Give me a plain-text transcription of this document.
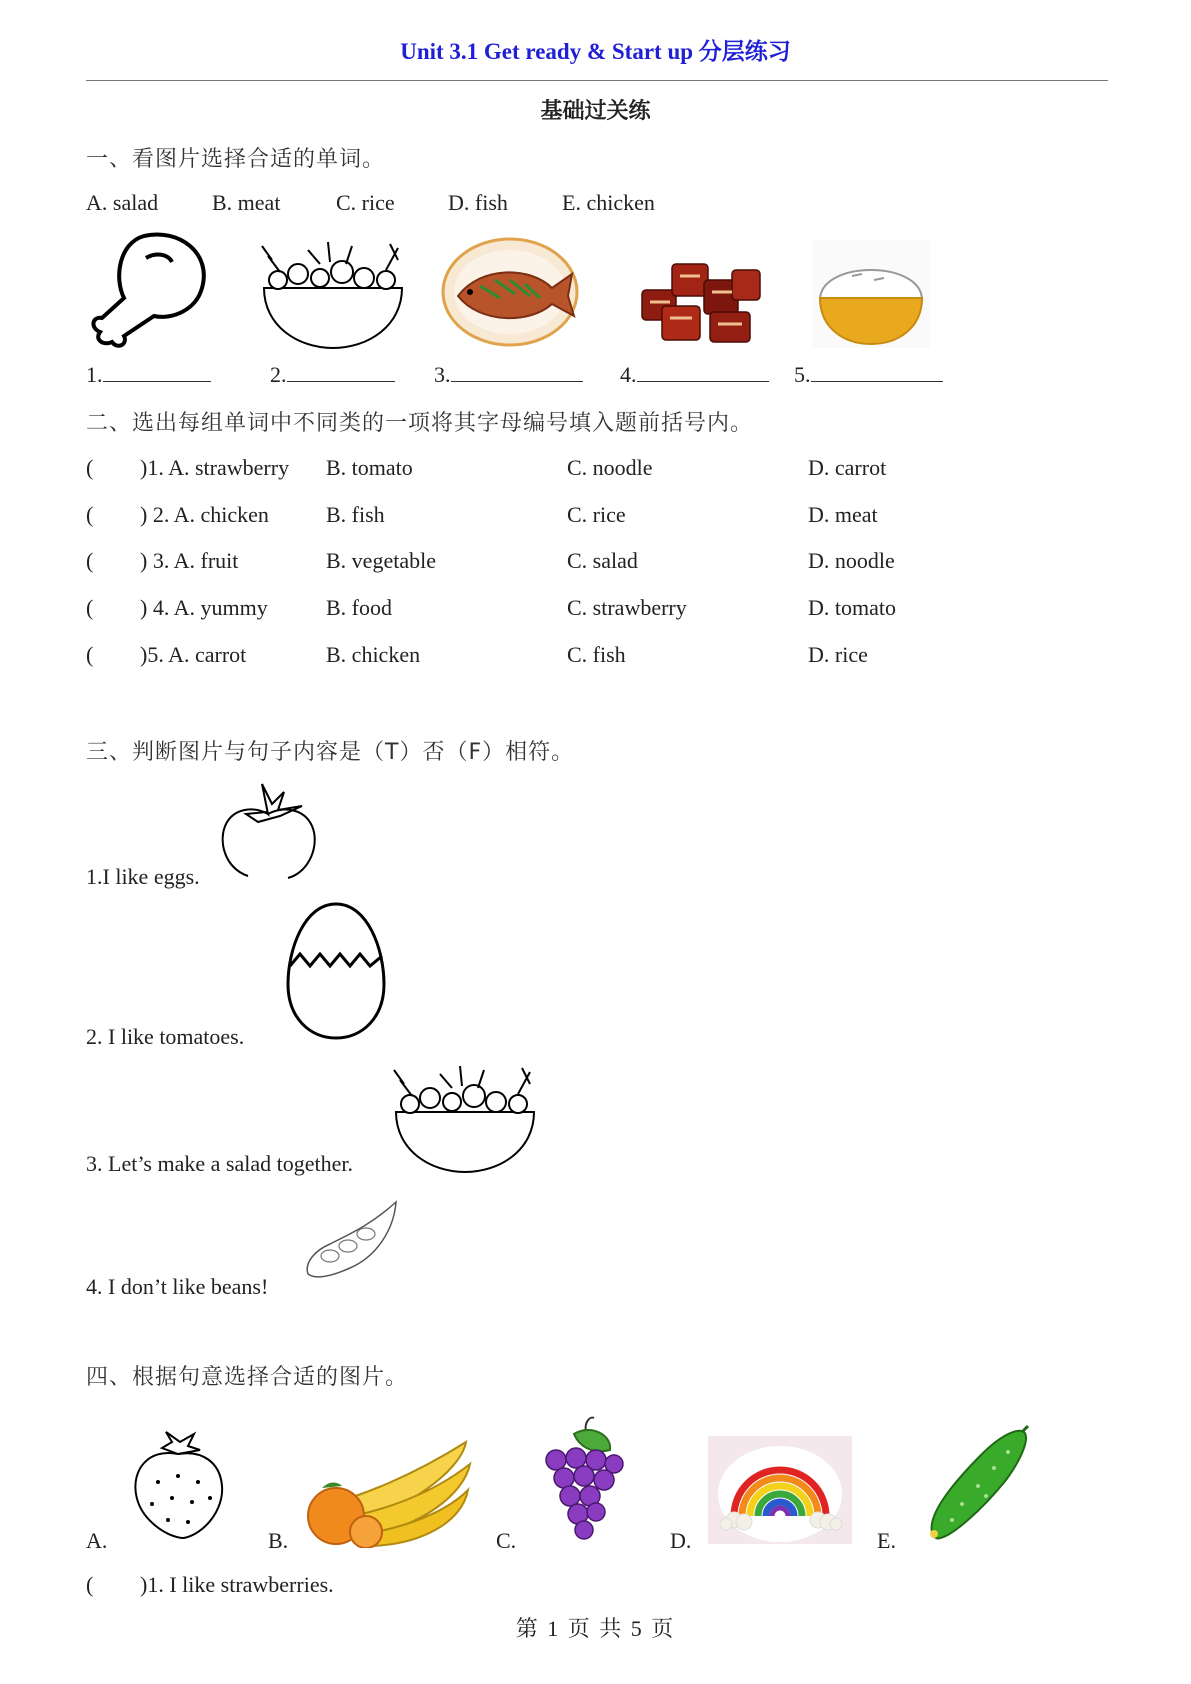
Unit 3.1 Get ready & Start up 分层练习
基础过关练
一、看图片选择合适的单词。
A. salad B. meat	C. rice D. fish E. chicken
1.	2.	3.	4.	5.
二、选出每组单词中不同类的一项将其字母编号填入题前括号内。
( )1. A. strawberry B. tomato	C. noodle	D. carrot
( ) 2. A. chicken	B. fish	C. rice	D. meat
( ) 3. A. fruit	B. vegetable	C. salad	D. noodle
( ) 4. A. yummy	B. food	C. strawberry	D. tomato
( )5. A. carrot	B. chicken	C. fish	D. rice
三、判断图片与句子内容是（T）否（F）相符。
1.I like eggs.
2. I like tomatoes.
3. Let’s make a salad together.
4. I don’t like beans!
四、根据句意选择合适的图片。
A.	B.	C.	D.	E.
( )1. I like strawberries.
第 1 页 共 5 页
